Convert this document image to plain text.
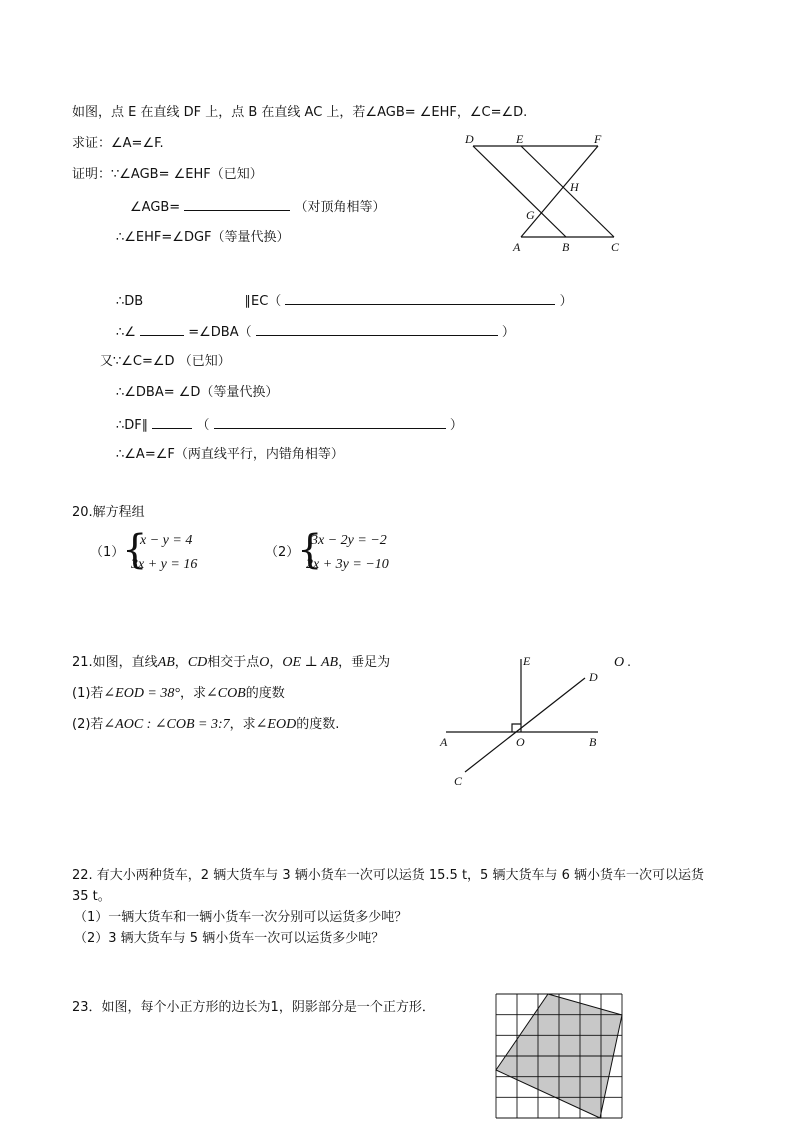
如图，点 E 在直线 DF 上，点 B 在直线 AC 上，若∠AGB= ∠EHF，∠C=∠D.
求证：∠A=∠F.
证明：∵∠AGB= ∠EHF（已知）
∠AGB=	（对顶角相等）
∴∠EHF=∠DGF（等量代换）
∴DB	∥EC（	）
∴∠	=∠DBA（	）
又∵∠C=∠D （已知）
∴∠DBA= ∠D（等量代换）
∴DF∥	（	）
∴∠A=∠F（两直线平行，内错角相等）
D	E	F
H
G
A	B	C
20.解方程组
（1）
{
x − y = 4
3x + y = 16
（2）
{
3x − 2y = −2
2x + 3y = −10
21.如图，直线AB，CD相交于点O，OE ⊥ AB，垂足为	O .
(1)若∠EOD = 38°，求∠COB的度数
(2)若∠AOC : ∠COB = 3:7，求∠EOD的度数.
E
D
A	O	B
C
22. 有大小两种货车，2 辆大货车与 3 辆小货车一次可以运货 15.5 t，5 辆大货车与 6 辆小货车一次可以运货
35 t。
（1）一辆大货车和一辆小货车一次分别可以运货多少吨？
（2）3 辆大货车与 5 辆小货车一次可以运货多少吨？
23．如图，每个小正方形的边长为1，阴影部分是一个正方形．
